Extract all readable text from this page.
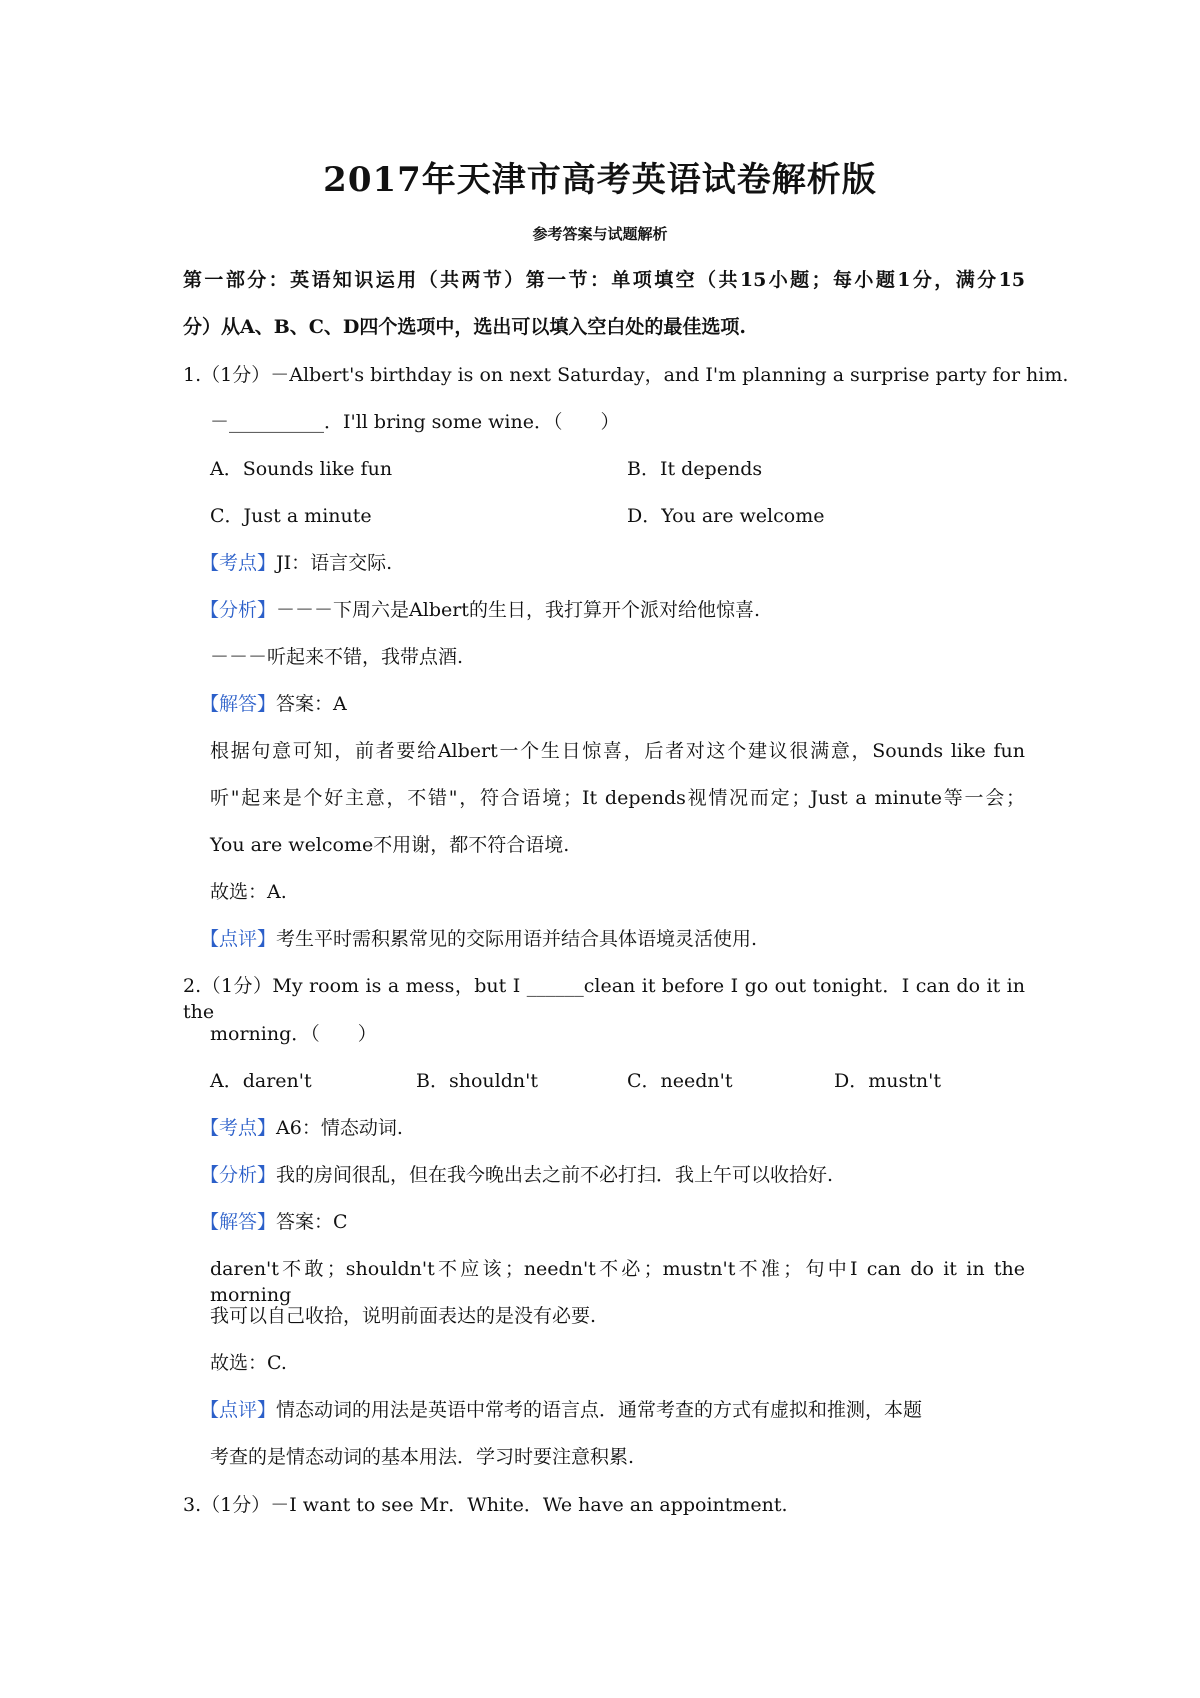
2017年天津市高考英语试卷解析版
参考答案与试题解析
第一部分：英语知识运用（共两节）第一节：单项填空（共15小题；每小题1分，满分15
分）从A、B、C、D四个选项中，选出可以填入空白处的最佳选项.
1.（1分）－Albert's birthday is on next Saturday，and I'm planning a surprise party for him.
－__________．I'll bring some wine．（　　）
A．Sounds like fun	B．It depends
C．Just a minute	D．You are welcome
【考点】JI：语言交际.
【分析】－－－下周六是Albert的生日，我打算开个派对给他惊喜.
－－－听起来不错，我带点酒.
【解答】答案：A
根据句意可知，前者要给Albert一个生日惊喜，后者对这个建议很满意，Sounds like fun
听"起来是个好主意，不错"，符合语境；It depends视情况而定；Just a minute等一会；
You are welcome不用谢，都不符合语境.
故选：A.
【点评】考生平时需积累常见的交际用语并结合具体语境灵活使用.
2.（1分）My room is a mess，but I ______clean it before I go out tonight．I can do it in the
morning．（　　）
A．daren't	B．shouldn't	C．needn't	D．mustn't
【考点】A6：情态动词.
【分析】我的房间很乱，但在我今晚出去之前不必打扫．我上午可以收拾好.
【解答】答案：C
daren't不敢；shouldn't不应该；needn't不必；mustn't不准；句中I can do it in the morning
我可以自己收拾，说明前面表达的是没有必要.
故选：C.
【点评】情态动词的用法是英语中常考的语言点．通常考查的方式有虚拟和推测，本题
考查的是情态动词的基本用法．学习时要注意积累.
3.（1分）－I want to see Mr．White．We have an appointment.
